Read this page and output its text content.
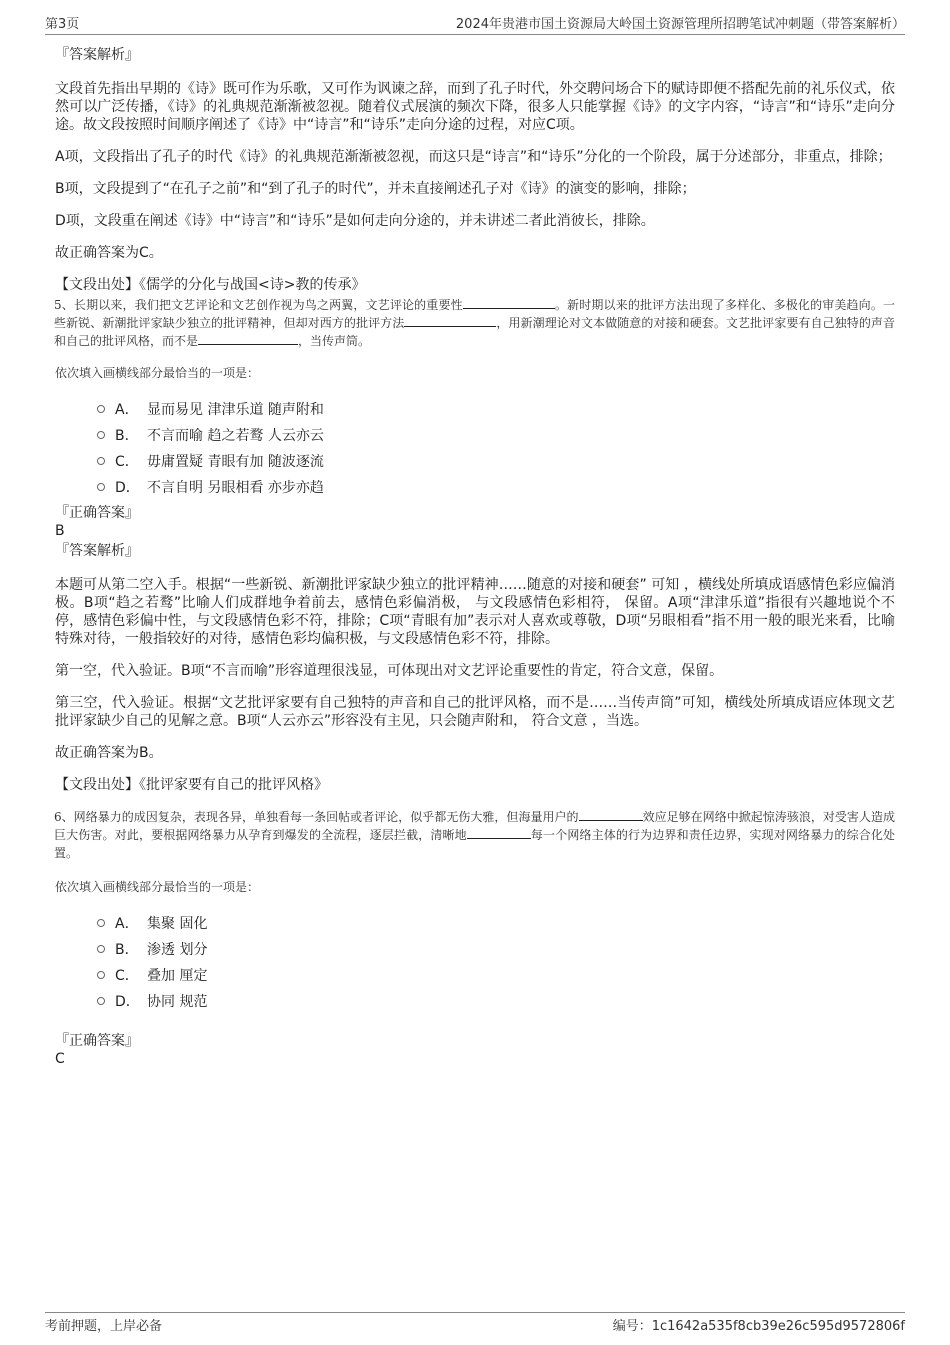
第3页	2024年贵港市国土资源局大岭国土资源管理所招聘笔试冲刺题（带答案解析）

『答案解析』

文段首先指出早期的《诗》既可作为乐歌，又可作为讽谏之辞，而到了孔子时代，外交聘问场合下的赋诗即便不搭配先前的礼乐仪式，依然可以广泛传播，《诗》的礼典规范渐渐被忽视。随着仪式展演的频次下降，很多人只能掌握《诗》的文字内容，“诗言”和“诗乐”走向分途。故文段按照时间顺序阐述了《诗》中“诗言”和“诗乐”走向分途的过程，对应C项。

A项，文段指出了孔子的时代《诗》的礼典规范渐渐被忽视，而这只是“诗言”和“诗乐”分化的一个阶段，属于分述部分，非重点，排除；

B项，文段提到了“在孔子之前”和“到了孔子的时代”，并未直接阐述孔子对《诗》的演变的影响，排除；

D项，文段重在阐述《诗》中“诗言”和“诗乐”是如何走向分途的，并未讲述二者此消彼长，排除。

故正确答案为C。

【文段出处】《儒学的分化与战国<诗>教的传承》

5、长期以来，我们把文艺评论和文艺创作视为鸟之两翼，文艺评论的重要性	。新时期以来的批评方法出现了多样化、多极化的审美趋向。一些新锐、新潮批评家缺少独立的批评精神，但却对西方的批评方法	，用新潮理论对文本做随意的对接和硬套。文艺批评家要有自己独特的声音和自己的批评风格，而不是	，当传声筒。

依次填入画横线部分最恰当的一项是：

A． 显而易见 津津乐道 随声附和
B． 不言而喻 趋之若鹜 人云亦云
C． 毋庸置疑 青眼有加 随波逐流
D． 不言自明 另眼相看 亦步亦趋

『正确答案』

B

『答案解析』

本题可从第二空入手。根据“一些新锐、新潮批评家缺少独立的批评精神……随意的对接和硬套” 可知 ，横线处所填成语感情色彩应偏消极。B项“趋之若鹜”比喻人们成群地争着前去，感情色彩偏消极， 与文段感情色彩相符， 保留。A项“津津乐道”指很有兴趣地说个不停，感情色彩偏中性，与文段感情色彩不符，排除；C项“青眼有加”表示对人喜欢或尊敬，D项“另眼相看”指不用一般的眼光来看，比喻特殊对待，一般指较好的对待，感情色彩均偏积极，与文段感情色彩不符，排除。

第一空，代入验证。B项“不言而喻”形容道理很浅显，可体现出对文艺评论重要性的肯定，符合文意，保留。

第三空，代入验证。根据“文艺批评家要有自己独特的声音和自己的批评风格，而不是……当传声筒”可知，横线处所填成语应体现文艺批评家缺少自己的见解之意。B项“人云亦云”形容没有主见，只会随声附和， 符合文意 ，当选。

故正确答案为B。

【文段出处】《批评家要有自己的批评风格》

6、网络暴力的成因复杂，表现各异，单独看每一条回帖或者评论，似乎都无伤大雅，但海量用户的	效应足够在网络中掀起惊涛骇浪，对受害人造成巨大伤害。对此，要根据网络暴力从孕育到爆发的全流程，逐层拦截，清晰地	每一个网络主体的行为边界和责任边界，实现对网络暴力的综合化处置。

依次填入画横线部分最恰当的一项是：

A． 集聚 固化
B． 渗透 划分
C． 叠加 厘定
D． 协同 规范

『正确答案』

C

考前押题，上岸必备	编号：1c1642a535f8cb39e26c595d9572806f
